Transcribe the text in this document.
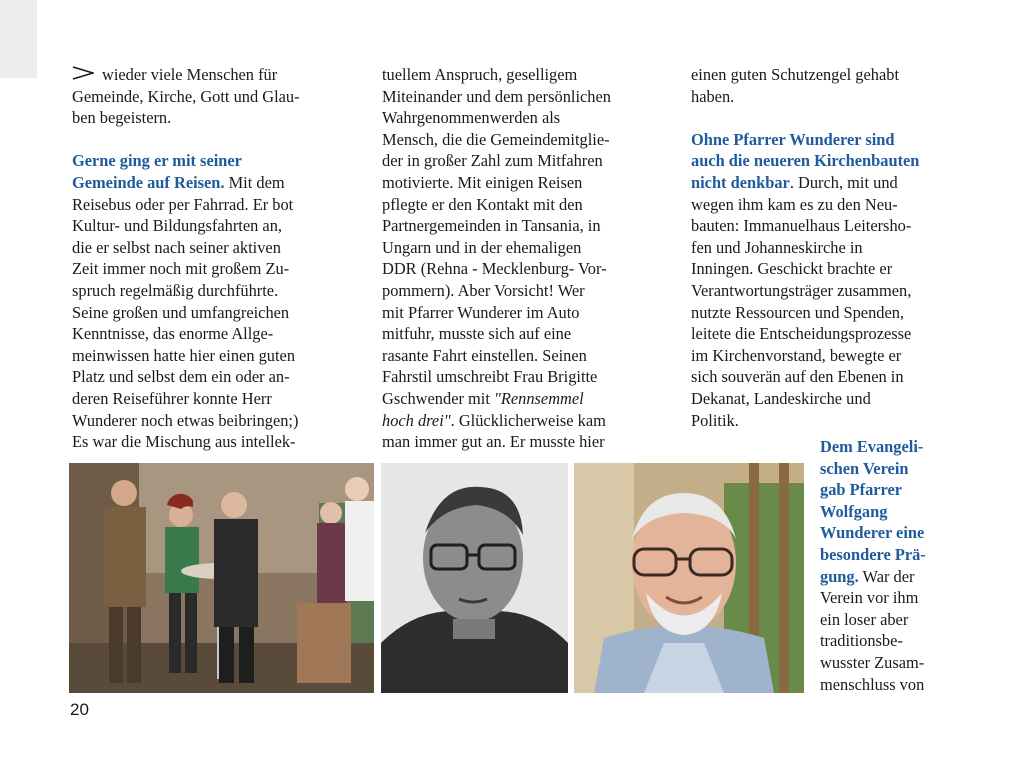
wieder viele Menschen für

Gemeinde, Kirche, Gott und Glau-

ben begeistern.

Gerne ging er mit seiner

Gemeinde auf Reisen. Mit dem

Reisebus oder per Fahrrad. Er bot

Kultur- und Bildungsfahrten an,

die er selbst nach seiner aktiven

Zeit immer noch mit großem Zu-

spruch regelmäßig durchführte.

Seine großen und umfangreichen

Kenntnisse, das enorme Allge-

meinwissen hatte hier einen guten

Platz und selbst dem ein oder an-

deren Reiseführer konnte Herr

Wunderer noch etwas beibringen;)

Es war die Mischung aus intellek-

tuellem Anspruch, geselligem

Miteinander und dem persönlichen

Wahrgenommenwerden als

Mensch, die die Gemeindemitglie-

der in großer Zahl zum Mitfahren

motivierte. Mit einigen Reisen

pflegte er den Kontakt mit den

Partnergemeinden in Tansania, in

Ungarn und in der ehemaligen

DDR (Rehna - Mecklenburg- Vor-

pommern). Aber Vorsicht! Wer

mit Pfarrer Wunderer im Auto

mitfuhr, musste sich auf eine

rasante Fahrt einstellen. Seinen

Fahrstil umschreibt Frau Brigitte

Gschwender mit "Rennsemmel

hoch drei". Glücklicherweise kam

man immer gut an. Er musste hier

einen guten Schutzengel gehabt

haben.

Ohne Pfarrer Wunderer sind

auch die neueren Kirchenbauten

nicht denkbar. Durch, mit und

wegen ihm kam es zu den Neu-

bauten: Immanuelhaus Leitersho-

fen und Johanneskirche in

Inningen. Geschickt brachte er

Verantwortungsträger zusammen,

nutzte Ressourcen und Spenden,

leitete die Entscheidungsprozesse

im Kirchenvorstand, bewegte er

sich souverän auf den Ebenen in

Dekanat, Landeskirche und

Politik.

Dem Evangeli-

schen Verein

gab Pfarrer

Wolfgang

Wunderer eine

besondere Prä-

gung. War der

Verein vor ihm

ein loser aber

traditionsbe-

wusster Zusam-

menschluss von

20
